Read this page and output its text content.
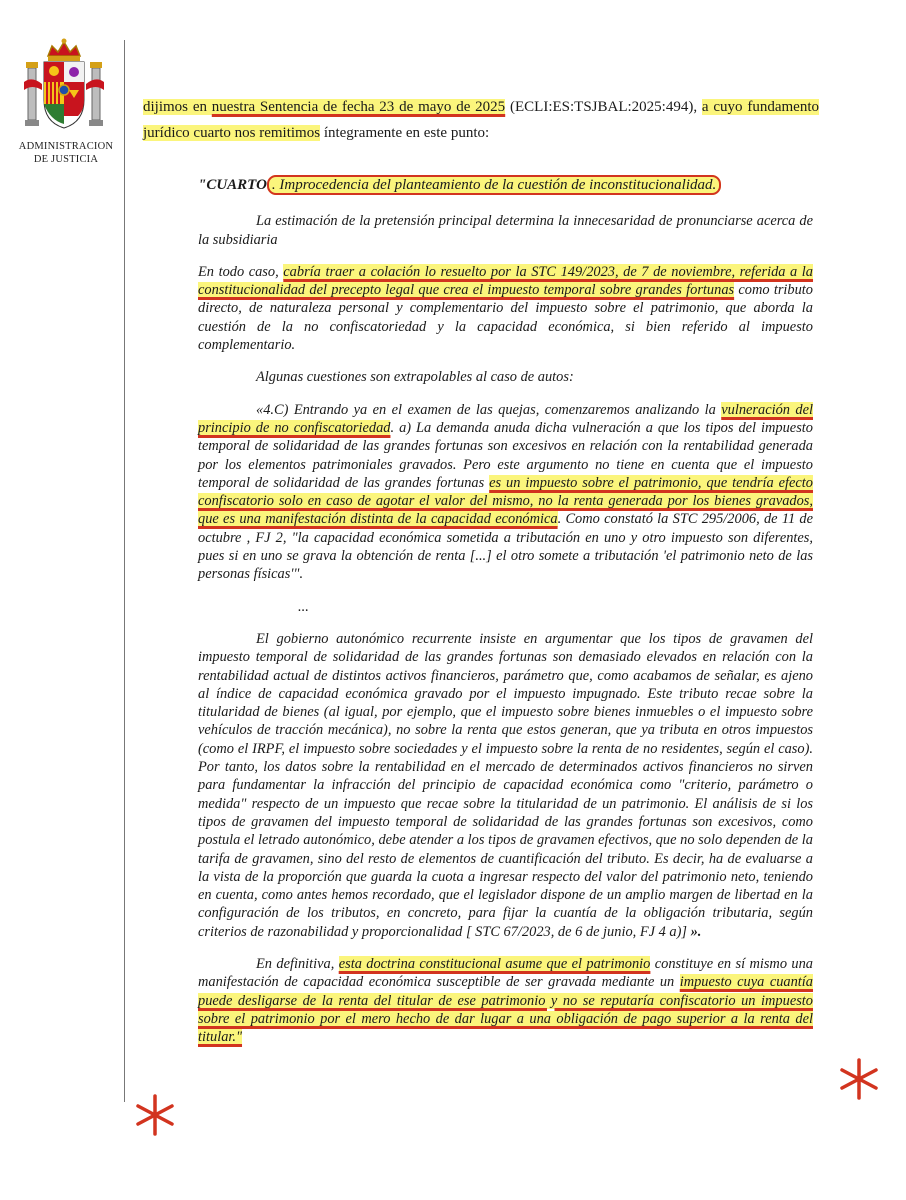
ADMINISTRACION
DE JUSTICIA

dijimos en nuestra Sentencia de fecha 23 de mayo de 2025 (ECLI:ES:TSJBAL:2025:494), a cuyo fundamento jurídico cuarto nos remitimos íntegramente en este punto:

"CUARTO . Improcedencia del planteamiento de la cuestión de inconstitucionalidad.

La estimación de la pretensión principal determina la innecesaridad de pronunciarse acerca de la subsidiaria

En todo caso, cabría traer a colación lo resuelto por la STC 149/2023, de 7 de noviembre, referida a la constitucionalidad del precepto legal que crea el impuesto temporal sobre grandes fortunas como tributo directo, de naturaleza personal y complementario del impuesto sobre el patrimonio, que aborda la cuestión de la no confiscatoriedad y la capacidad económica, si bien referido al impuesto complementario.

Algunas cuestiones son extrapolables al caso de autos:

«4.C) Entrando ya en el examen de las quejas, comenzaremos analizando la vulneración del principio de no confiscatoriedad. a) La demanda anuda dicha vulneración a que los tipos del impuesto temporal de solidaridad de las grandes fortunas son excesivos en relación con la rentabilidad generada por los elementos patrimoniales gravados. Pero este argumento no tiene en cuenta que el impuesto temporal de solidaridad de las grandes fortunas es un impuesto sobre el patrimonio, que tendría efecto confiscatorio solo en caso de agotar el valor del mismo, no la renta generada por los bienes gravados, que es una manifestación distinta de la capacidad económica. Como constató la STC 295/2006, de 11 de octubre , FJ 2, "la capacidad económica sometida a tributación en uno y otro impuesto son diferentes, pues si en uno se grava la obtención de renta [...] el otro somete a tributación 'el patrimonio neto de las personas físicas'".

...

El gobierno autonómico recurrente insiste en argumentar que los tipos de gravamen del impuesto temporal de solidaridad de las grandes fortunas son demasiado elevados en relación con la rentabilidad actual de distintos activos financieros, parámetro que, como acabamos de señalar, es ajeno al índice de capacidad económica gravado por el impuesto impugnado. Este tributo recae sobre la titularidad de bienes (al igual, por ejemplo, que el impuesto sobre bienes inmuebles o el impuesto sobre vehículos de tracción mecánica), no sobre la renta que estos generan, que ya tributa en otros impuestos (como el IRPF, el impuesto sobre sociedades y el impuesto sobre la renta de no residentes, según el caso). Por tanto, los datos sobre la rentabilidad en el mercado de determinados activos financieros no sirven para fundamentar la infracción del principio de capacidad económica como "criterio, parámetro o medida" respecto de un impuesto que recae sobre la titularidad de un patrimonio. El análisis de si los tipos de gravamen del impuesto temporal de solidaridad de las grandes fortunas son excesivos, como postula el letrado autonómico, debe atender a los tipos de gravamen efectivos, que no solo dependen de la tarifa de gravamen, sino del resto de elementos de cuantificación del tributo. Es decir, ha de evaluarse a la vista de la proporción que guarda la cuota a ingresar respecto del valor del patrimonio neto, teniendo en cuenta, como antes hemos recordado, que el legislador dispone de un amplio margen de libertad en la configuración de los tributos, en concreto, para fijar la cuantía de la obligación tributaria, según criterios de razonabilidad y proporcionalidad [ STC 67/2023, de 6 de junio, FJ 4 a)] ».

En definitiva, esta doctrina constitucional asume que el patrimonio constituye en sí mismo una manifestación de capacidad económica susceptible de ser gravada mediante un impuesto cuya cuantía puede desligarse de la renta del titular de ese patrimonio y no se reputaría confiscatorio un impuesto sobre el patrimonio por el mero hecho de dar lugar a una obligación de pago superior a la renta del titular."
